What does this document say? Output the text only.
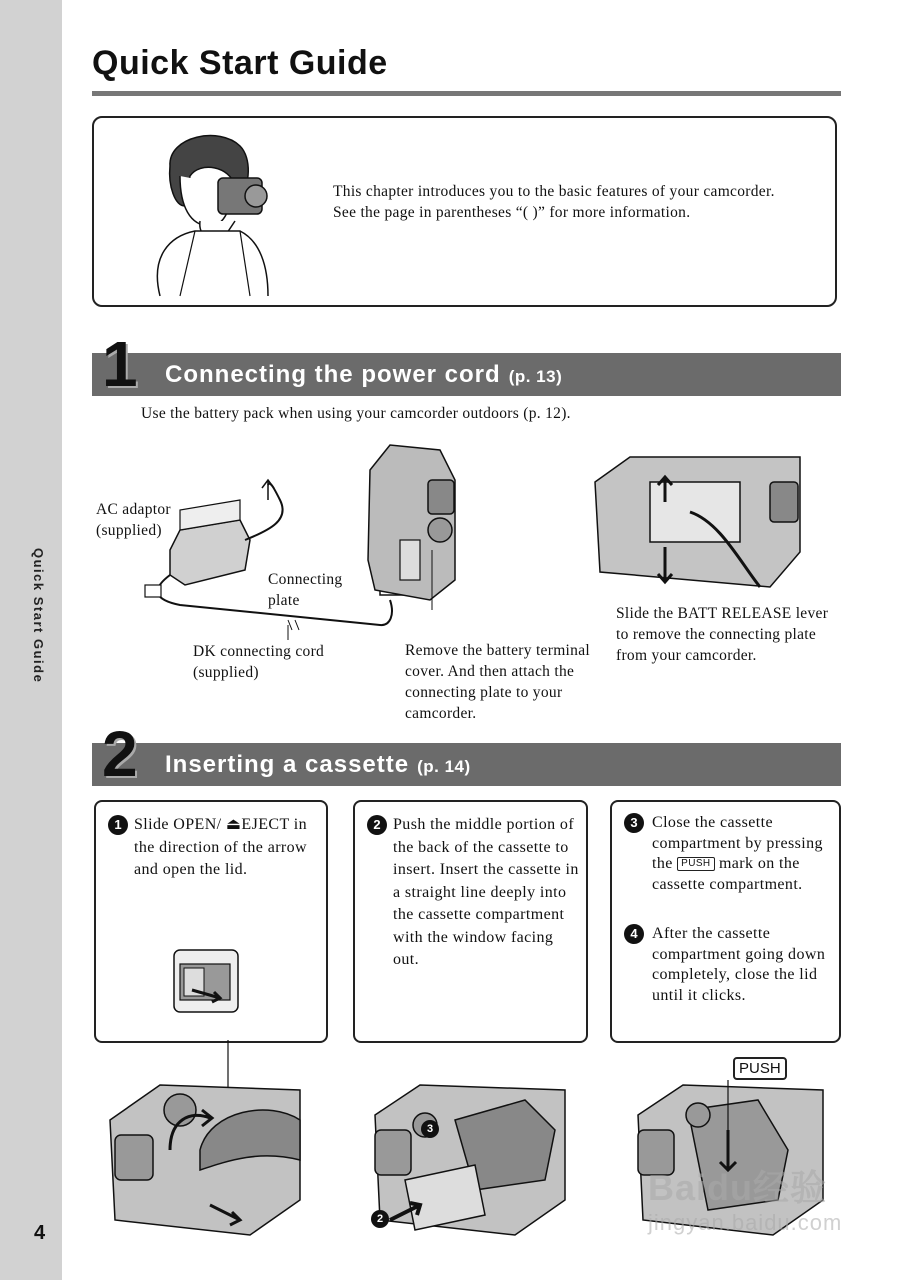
Quick Start Guide
4
Quick Start Guide
This chapter introduces you to the basic features of your camcorder. See the page in parentheses “( )” for more information.
1 Connecting the power cord (p. 13)
Use the battery pack when using your camcorder outdoors (p. 12).
AC adaptor (supplied)
Connecting plate
DK connecting cord (supplied)
Remove the battery terminal cover. And then attach the connecting plate to your camcorder.
Slide the BATT RELEASE lever to remove the connecting plate from your camcorder.
2 Inserting a cassette (p. 14)
1 Slide OPEN/ ⏏EJECT in the direction of the arrow and open the lid.
2 Push the middle portion of the back of the cassette to insert. Insert the cassette in a straight line deeply into the cassette compartment with the window facing out.
3 Close the cassette compartment by pressing the PUSH mark on the cassette compartment.
4 After the cassette compartment going down completely, close the lid until it clicks.
3
2
PUSH
Baidu经验
jingyan.baidu.com
